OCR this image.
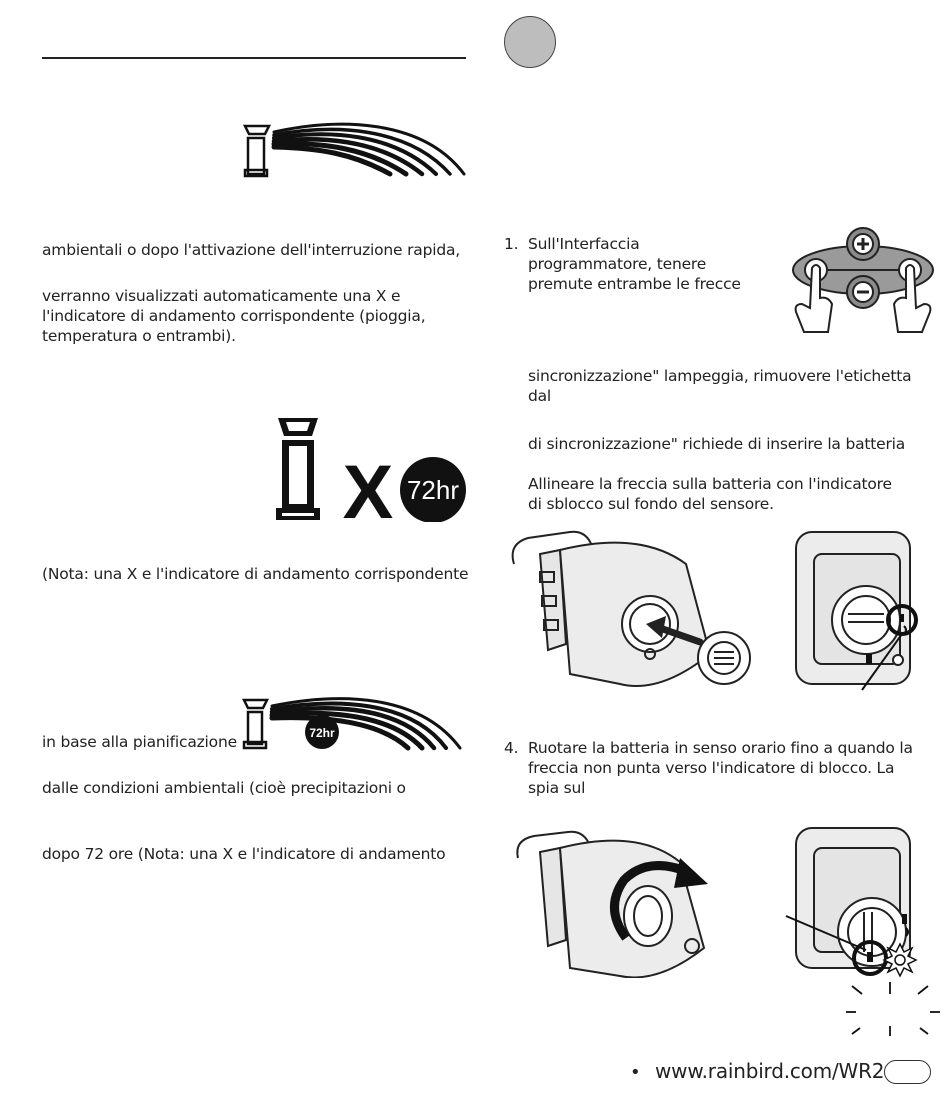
ambientali o dopo l'attivazione dell'interruzione rapida,
verranno visualizzati automaticamente una X e l'indicatore di andamento corrispondente (pioggia, temperatura o entrambi).
X 72hr
(Nota: una X e l'indicatore di andamento corrispondente
in base alla pianificazione	72hr
dalle condizioni ambientali (cioè precipitazioni o
dopo 72 ore (Nota: una X e l'indicatore di andamento
1. Sull'Interfaccia programmatore, tenere premute entrambe le frecce
sincronizzazione" lampeggia, rimuovere l'etichetta dal
di sincronizzazione" richiede di inserire la batteria
Allineare la freccia sulla batteria con l'indicatore di sblocco sul fondo del sensore.
4. Ruotare la batteria in senso orario fino a quando la freccia non punta verso l'indicatore di blocco. La spia sul
• www.rainbird.com/WR2
